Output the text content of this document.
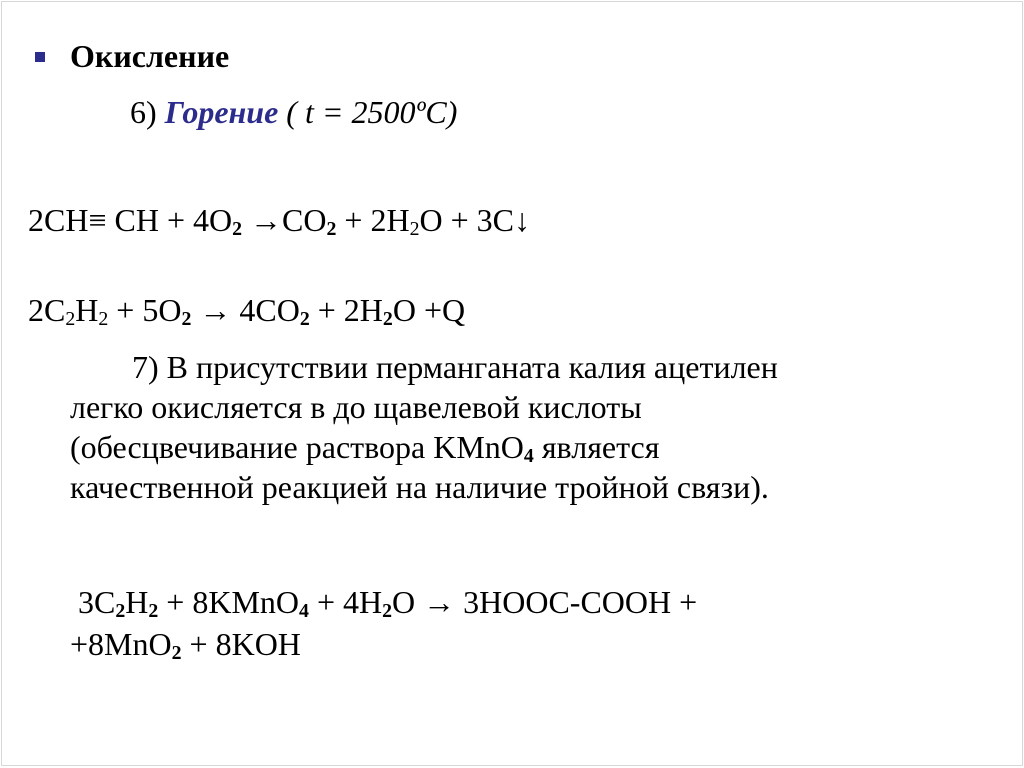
Окисление
6) Горение ( t = 2500ºC)
2CH≡ CH + $4O_2 \to CO_2 + 2H_2O$ + 3C↓
$2C_2H_2 + 5O_2 \to 4CO_2 + 2H_2O +Q$
7) В присутствии перманганата калия ацетилен
легко окисляется в до щавелевой кислоты
(обесцвечивание раствора KMnO$_4$ является
качественной реакцией на наличие тройной связи).
$3C_2H_2$ + 8KMnO$_4$ + $4H_2O$ → 3HOOC-COOH +
+8MnO$_2$ + 8KOH
